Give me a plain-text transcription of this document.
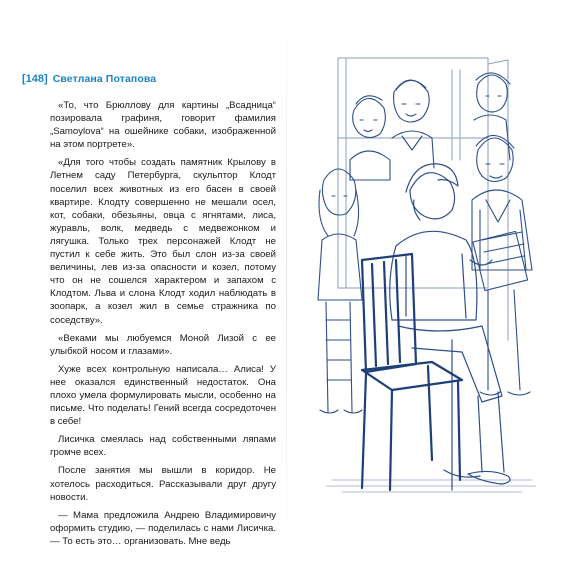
[148] Светлана Потапова

«То, что Брюллову для картины „Всадница“ позировала графиня, говорит фамилия „Samoylova“ на ошейнике собаки, изображенной на этом портрете».

«Для того чтобы создать памятник Крылову в Летнем саду Петербурга, скульптор Клодт поселил всех животных из его басен в своей квартире. Клодту совершенно не мешали осел, кот, собаки, обезьяны, овца с ягнятами, лиса, журавль, волк, медведь с медвежонком и лягушка. Только трех персонажей Клодт не пустил к себе жить. Это был слон из-за своей величины, лев из-за опасности и козел, потому что он не сошелся характером и запахом с Клодтом. Льва и слона Клодт ходил наблюдать в зоопарк, а козел жил в семье стражника по соседству».

«Веками мы любуемся Моной Лизой с ее улыбкой носом и глазами».

Хуже всех контрольную написала… Алиса! У нее оказался единственный недостаток. Она плохо умела формулировать мысли, особенно на письме. Что поделать! Гений всегда сосредоточен в себе!

Лисичка смеялась над собственными ляпами громче всех.

После занятия мы вышли в коридор. Не хотелось расходиться. Рассказывали друг другу новости.

— Мама предложила Андрею Владимировичу оформить студию, — поделилась с нами Лисичка. — То есть это… организовать. Мне ведь
